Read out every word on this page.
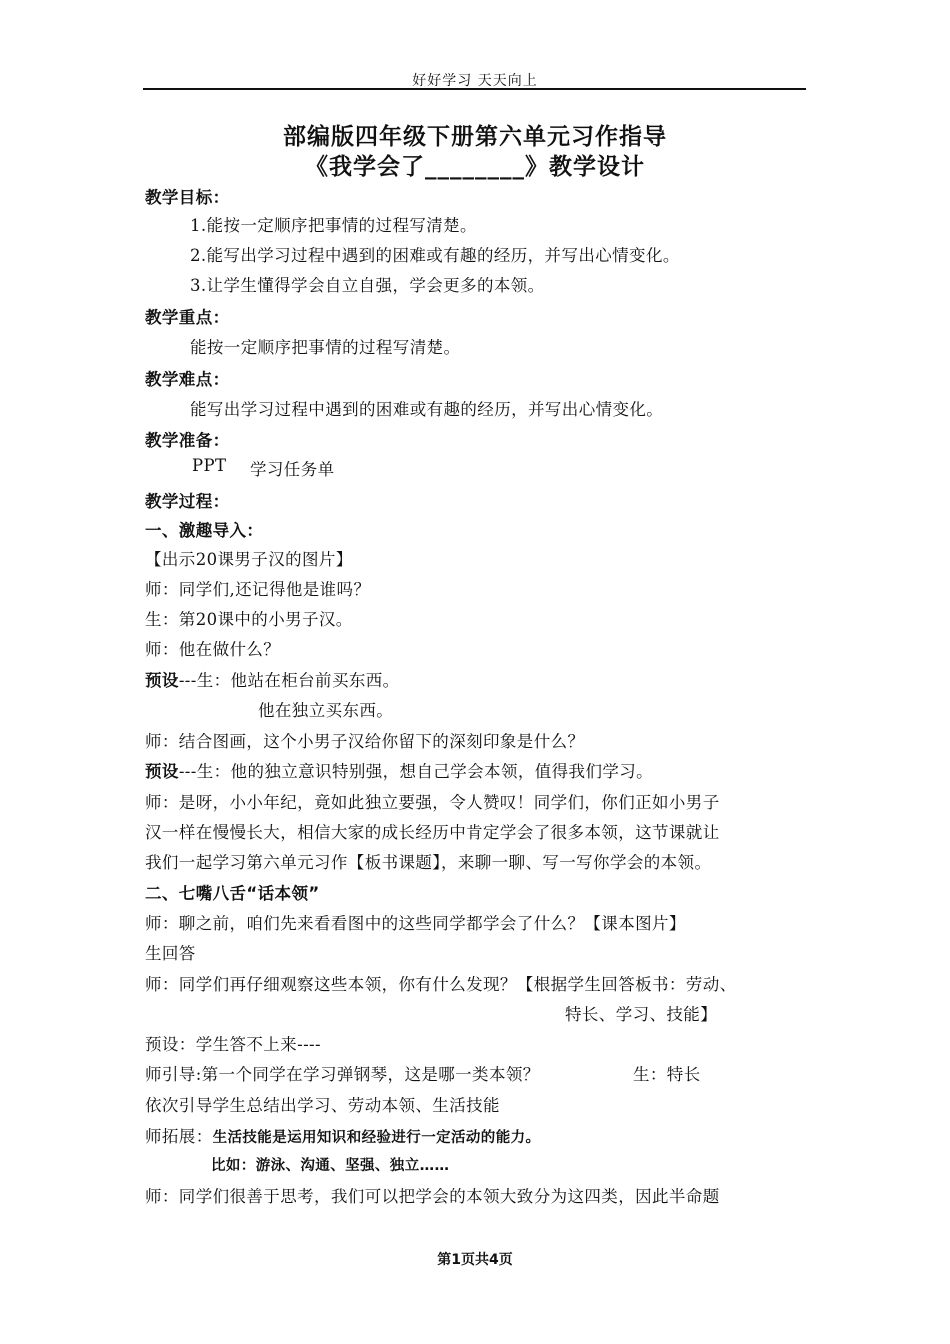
好好学习 天天向上
部编版四年级下册第六单元习作指导
《我学会了________》教学设计
教学目标：
1.能按一定顺序把事情的过程写清楚。
2.能写出学习过程中遇到的困难或有趣的经历，并写出心情变化。
3.让学生懂得学会自立自强，学会更多的本领。
教学重点：
能按一定顺序把事情的过程写清楚。
教学难点：
能写出学习过程中遇到的困难或有趣的经历，并写出心情变化。
教学准备：
PPT 学习任务单
教学过程：
一、激趣导入：
【出示20课男子汉的图片】
师：同学们,还记得他是谁吗？
生：第20课中的小男子汉。
师：他在做什么？
预设---生：他站在柜台前买东西。
他在独立买东西。
师：结合图画，这个小男子汉给你留下的深刻印象是什么？
预设---生：他的独立意识特别强，想自己学会本领，值得我们学习。
师：是呀，小小年纪，竟如此独立要强，令人赞叹！同学们，你们正如小男子
汉一样在慢慢长大，相信大家的成长经历中肯定学会了很多本领，这节课就让
我们一起学习第六单元习作【板书课题】，来聊一聊、写一写你学会的本领。
二、七嘴八舌“话本领”
师：聊之前，咱们先来看看图中的这些同学都学会了什么？【课本图片】
生回答
师：同学们再仔细观察这些本领，你有什么发现？【根据学生回答板书：劳动、
特长、学习、技能】
预设：学生答不上来----
师引导:第一个同学在学习弹钢琴，这是哪一类本领？	生：特长
依次引导学生总结出学习、劳动本领、生活技能
师拓展：生活技能是运用知识和经验进行一定活动的能力。
比如：游泳、沟通、坚强、独立……
师：同学们很善于思考，我们可以把学会的本领大致分为这四类，因此半命题
第1页共4页
